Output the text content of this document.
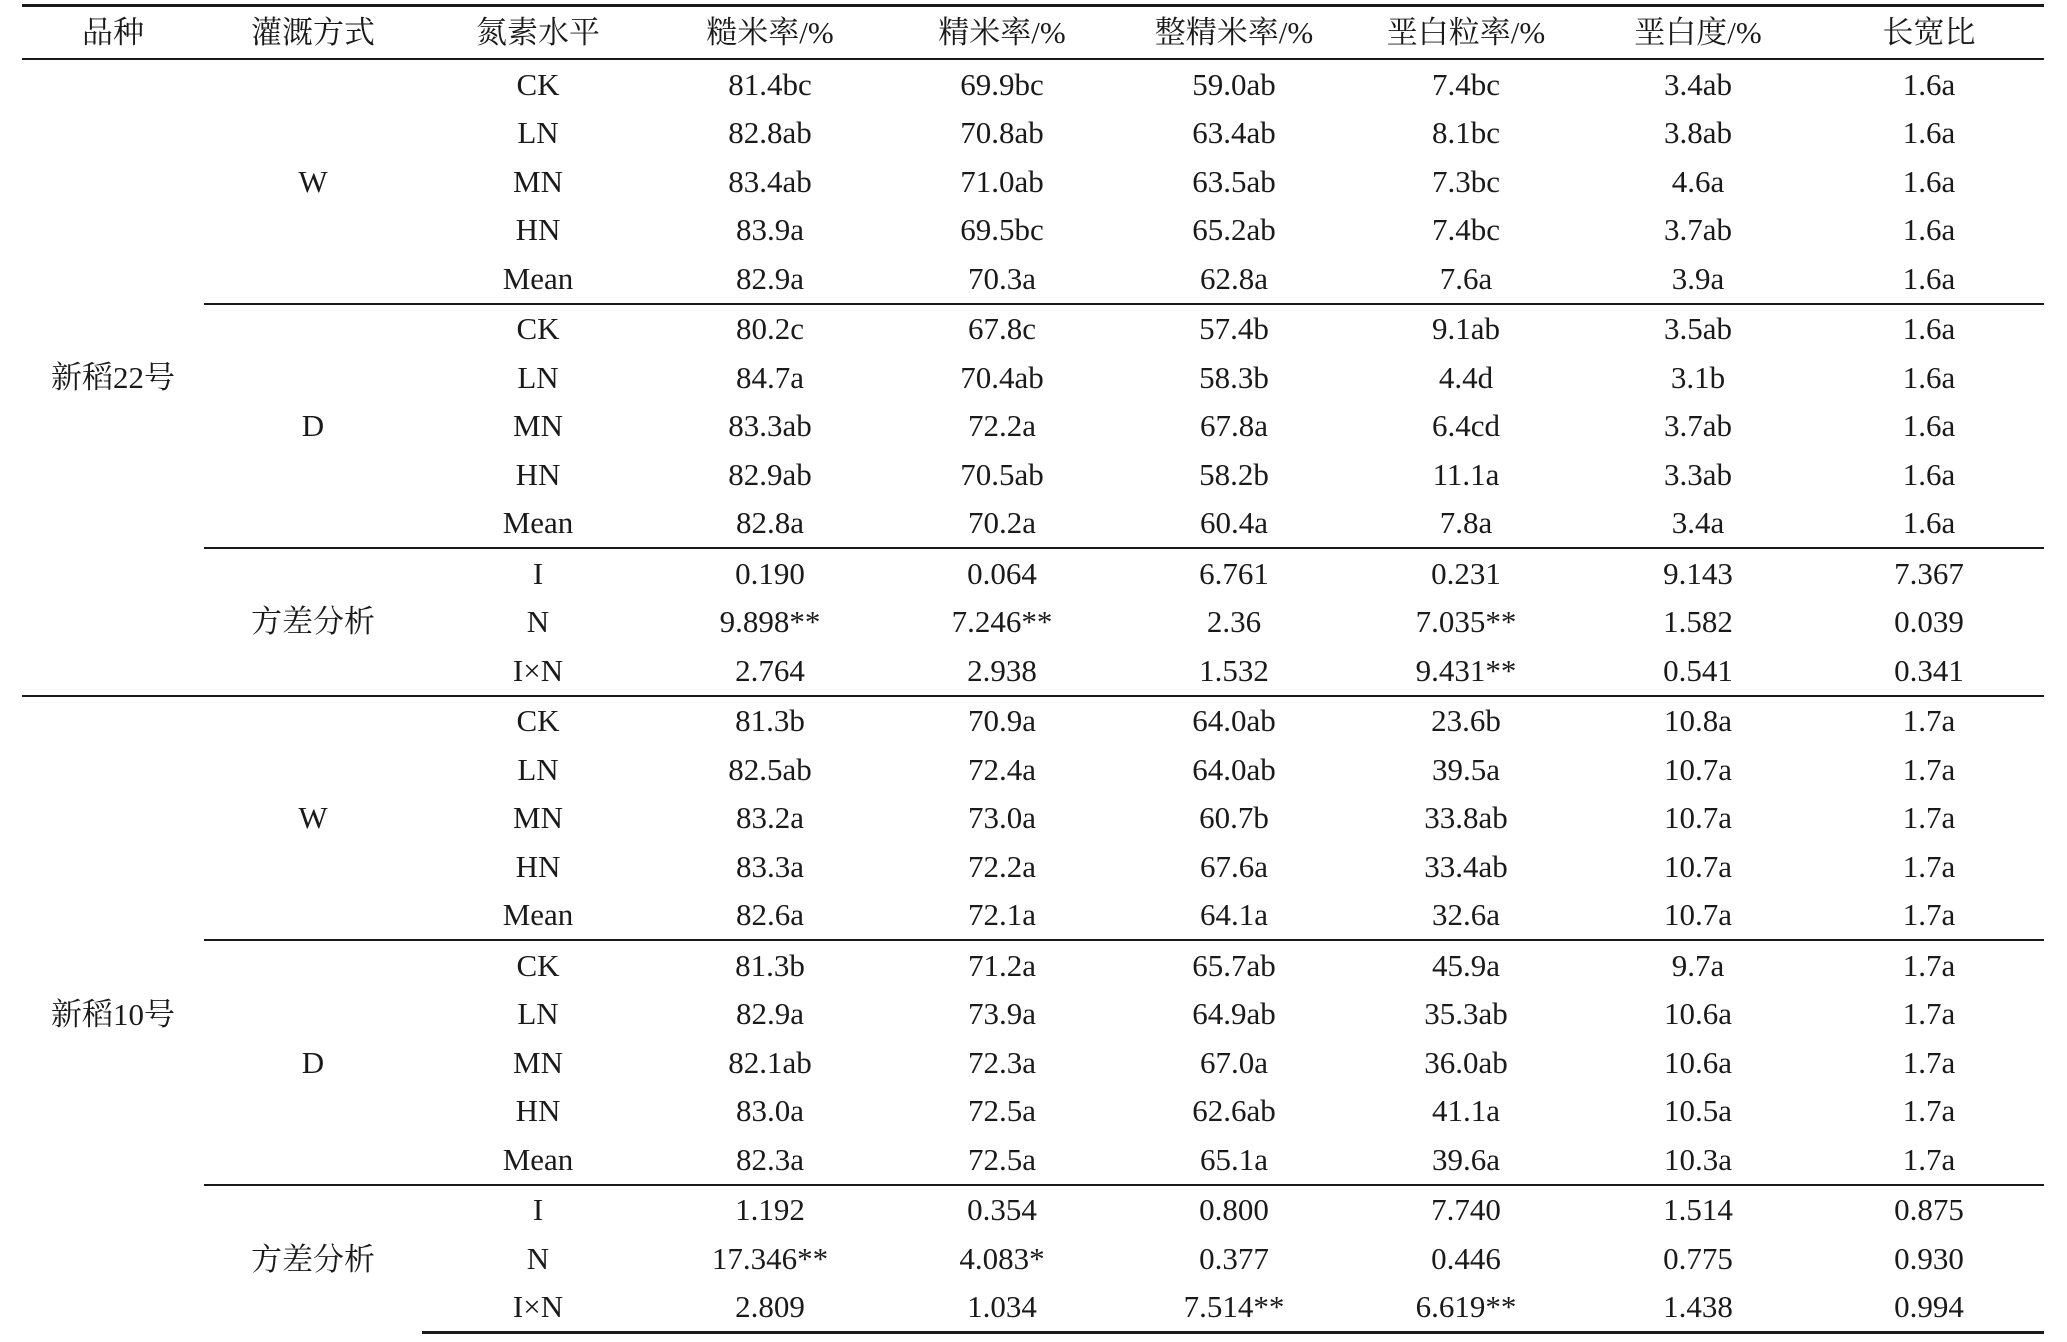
品种	灌溉方式	氮素水平	糙米率/%	精米率/%	整精米率/%	垩白粒率/%	垩白度/%	长宽比
新稻22号	W	CK	81.4bc	69.9bc	59.0ab	7.4bc	3.4ab	1.6a
		LN	82.8ab	70.8ab	63.4ab	8.1bc	3.8ab	1.6a
		MN	83.4ab	71.0ab	63.5ab	7.3bc	4.6a	1.6a
		HN	83.9a	69.5bc	65.2ab	7.4bc	3.7ab	1.6a
		Mean	82.9a	70.3a	62.8a	7.6a	3.9a	1.6a
	D	CK	80.2c	67.8c	57.4b	9.1ab	3.5ab	1.6a
		LN	84.7a	70.4ab	58.3b	4.4d	3.1b	1.6a
		MN	83.3ab	72.2a	67.8a	6.4cd	3.7ab	1.6a
		HN	82.9ab	70.5ab	58.2b	11.1a	3.3ab	1.6a
		Mean	82.8a	70.2a	60.4a	7.8a	3.4a	1.6a
	方差分析	I	0.190	0.064	6.761	0.231	9.143	7.367
		N	9.898**	7.246**	2.36	7.035**	1.582	0.039
		I×N	2.764	2.938	1.532	9.431**	0.541	0.341
新稻10号	W	CK	81.3b	70.9a	64.0ab	23.6b	10.8a	1.7a
		LN	82.5ab	72.4a	64.0ab	39.5a	10.7a	1.7a
		MN	83.2a	73.0a	60.7b	33.8ab	10.7a	1.7a
		HN	83.3a	72.2a	67.6a	33.4ab	10.7a	1.7a
		Mean	82.6a	72.1a	64.1a	32.6a	10.7a	1.7a
	D	CK	81.3b	71.2a	65.7ab	45.9a	9.7a	1.7a
		LN	82.9a	73.9a	64.9ab	35.3ab	10.6a	1.7a
		MN	82.1ab	72.3a	67.0a	36.0ab	10.6a	1.7a
		HN	83.0a	72.5a	62.6ab	41.1a	10.5a	1.7a
		Mean	82.3a	72.5a	65.1a	39.6a	10.3a	1.7a
	方差分析	I	1.192	0.354	0.800	7.740	1.514	0.875
		N	17.346**	4.083*	0.377	0.446	0.775	0.930
		I×N	2.809	1.034	7.514**	6.619**	1.438	0.994
